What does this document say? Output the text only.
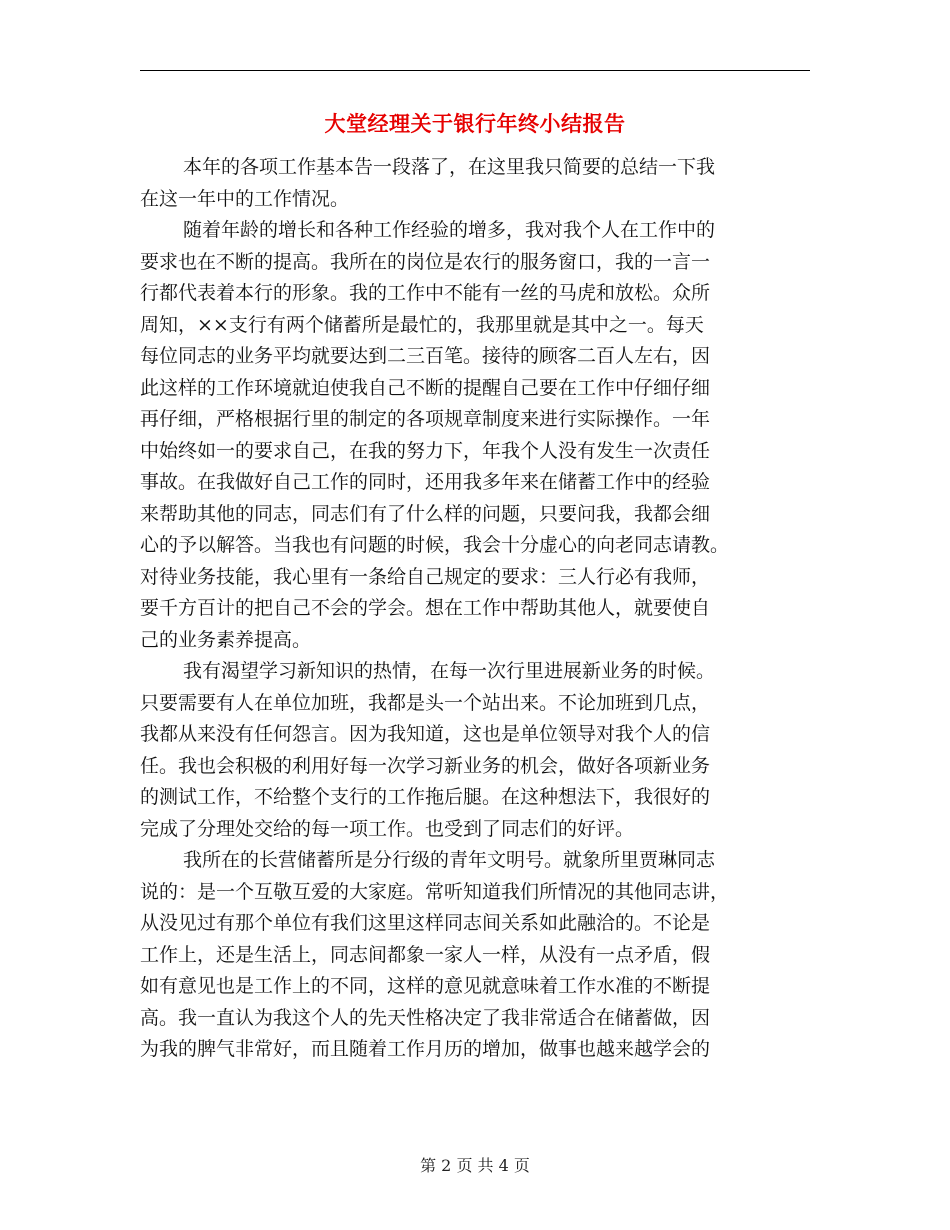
大堂经理关于银行年终小结报告
本年的各项工作基本告一段落了，在这里我只简要的总结一下我
在这一年中的工作情况。
随着年龄的增长和各种工作经验的增多，我对我个人在工作中的
要求也在不断的提高。我所在的岗位是农行的服务窗口，我的一言一
行都代表着本行的形象。我的工作中不能有一丝的马虎和放松。众所
周知，××支行有两个储蓄所是最忙的，我那里就是其中之一。每天
每位同志的业务平均就要达到二三百笔。接待的顾客二百人左右，因
此这样的工作环境就迫使我自己不断的提醒自己要在工作中仔细仔细
再仔细，严格根据行里的制定的各项规章制度来进行实际操作。一年
中始终如一的要求自己，在我的努力下，年我个人没有发生一次责任
事故。在我做好自己工作的同时，还用我多年来在储蓄工作中的经验
来帮助其他的同志，同志们有了什么样的问题，只要问我，我都会细
心的予以解答。当我也有问题的时候，我会十分虚心的向老同志请教。
对待业务技能，我心里有一条给自己规定的要求：三人行必有我师，
要千方百计的把自己不会的学会。想在工作中帮助其他人，就要使自
己的业务素养提高。
我有渴望学习新知识的热情，在每一次行里进展新业务的时候。
只要需要有人在单位加班，我都是头一个站出来。不论加班到几点，
我都从来没有任何怨言。因为我知道，这也是单位领导对我个人的信
任。我也会积极的利用好每一次学习新业务的机会，做好各项新业务
的测试工作，不给整个支行的工作拖后腿。在这种想法下，我很好的
完成了分理处交给的每一项工作。也受到了同志们的好评。
我所在的长营储蓄所是分行级的青年文明号。就象所里贾琳同志
说的：是一个互敬互爱的大家庭。常听知道我们所情况的其他同志讲，
从没见过有那个单位有我们这里这样同志间关系如此融洽的。不论是
工作上，还是生活上，同志间都象一家人一样，从没有一点矛盾，假
如有意见也是工作上的不同，这样的意见就意味着工作水准的不断提
高。我一直认为我这个人的先天性格决定了我非常适合在储蓄做，因
为我的脾气非常好，而且随着工作月历的增加，做事也越来越学会的
第 2 页 共 4 页
